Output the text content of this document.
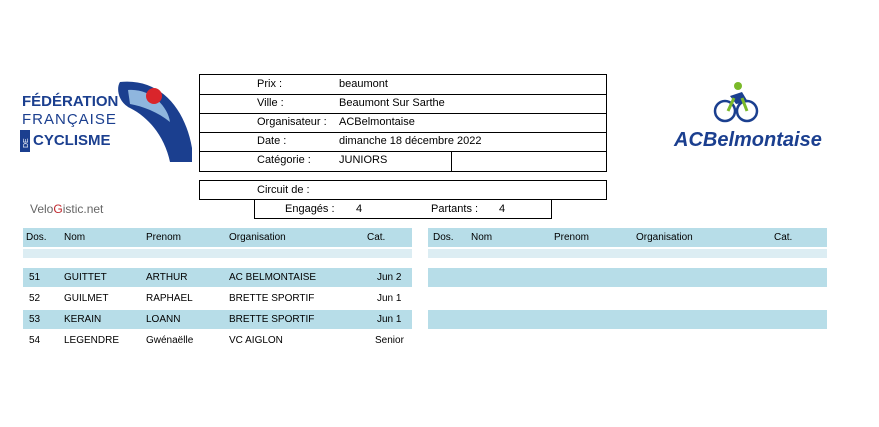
FÉDÉRATION
FRANÇAISE
DE CYCLISME	ACBelmontaise
Prix :	beaumont
Ville :	Beaumont Sur Sarthe
Organisateur : ACBelmontaise
Date :	dimanche 18 décembre 2022
Catégorie :	JUNIORS
Circuit de :
Engagés : 4	Partants : 4
VeloGistic.net
Dos. Nom	Prenom	Organisation	Cat.	Dos. Nom	Prenom	Organisation	Cat.
51 GUITTET	ARTHUR	AC BELMONTAISE	Jun 2
52 GUILMET	RAPHAEL	BRETTE SPORTIF	Jun 1
53 KERAIN	LOANN	BRETTE SPORTIF	Jun 1
54 LEGENDRE	Gwénaëlle	VC AIGLON	Senior
